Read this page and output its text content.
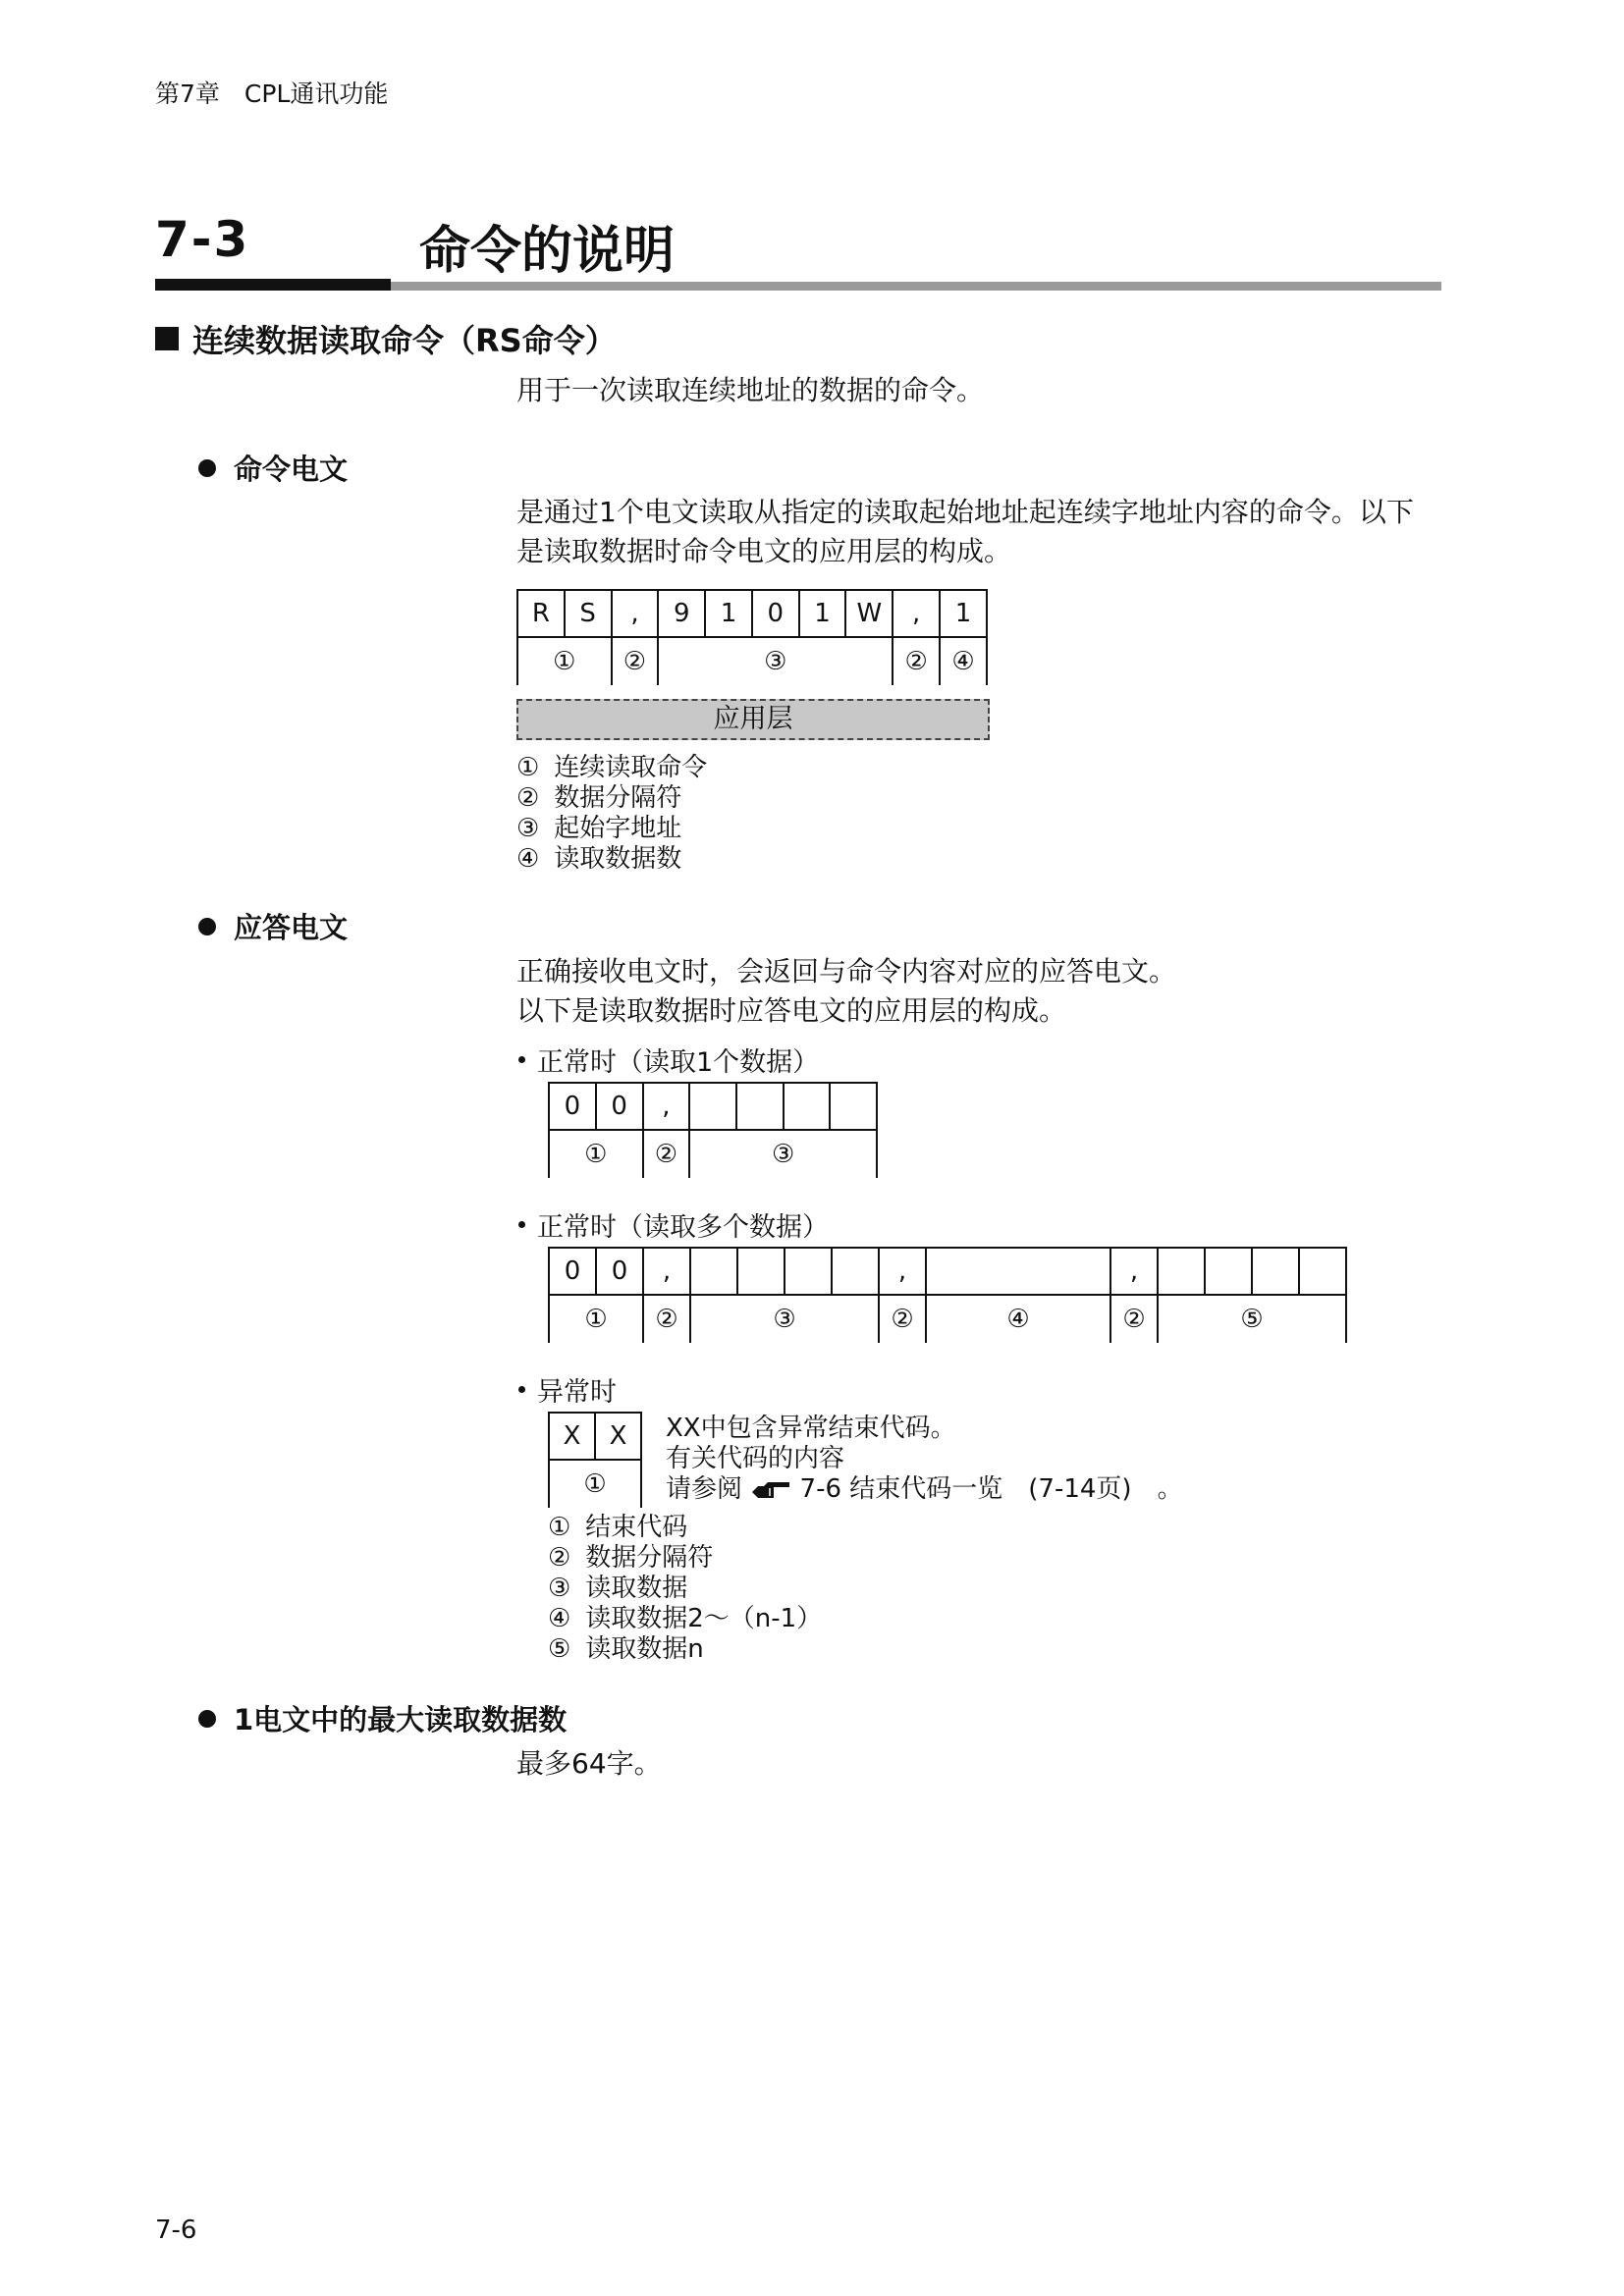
第7章　CPL通讯功能
7-3	命令的说明
连续数据读取命令（RS命令）
用于一次读取连续地址的数据的命令。
命令电文
是通过1个电文读取从指定的读取起始地址起连续字地址内容的命令。以下
是读取数据时命令电文的应用层的构成。
R	S	,	9	1	0	1	W	,	1
①		②	③					②	④
应用层
① 连续读取命令
② 数据分隔符
③ 起始字地址
④ 读取数据数
应答电文
正确接收电文时，会返回与命令内容对应的应答电文。
以下是读取数据时应答电文的应用层的构成。
正常时（读取1个数据）
0	0	,				
①		②	③			
正常时（读取多个数据）
0	0	,					,		,				
①		②	③				②	④	②	⑤			
异常时
X	X
①
XX中包含异常结束代码。
有关代码的内容
请参阅 7-6 结束代码一览　(7-14页)　。
① 结束代码
② 数据分隔符
③ 读取数据
④ 读取数据2～（n-1）
⑤ 读取数据n
1电文中的最大读取数据数
最多64字。
7-6
